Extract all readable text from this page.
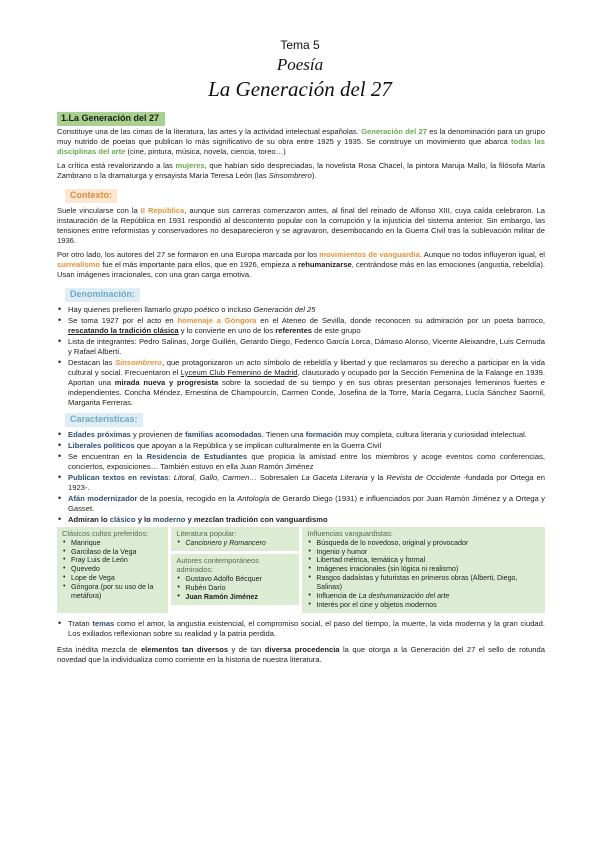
Tema 5
Poesía
La Generación del 27
1.La Generación del 27

Constituye una de las cimas de la literatura, las artes y la actividad intelectual españolas. Generación del 27 es la denominación para un grupo muy nutrido de poetas que publican lo más significativo de su obra entre 1925 y 1935. Se construye un movimiento que abarca todas las disciplinas del arte (cine, pintura, música, novela, ciencia, toreo…)

La crítica está revalorizando a las mujeres, que habían sido despreciadas, la novelista Rosa Chacel, la pintora Maruja Mallo, la filósofa María Zambrano o la dramaturga y ensayista María Teresa León (las Sinsombrero).

Contexto:

Suele vincularse con la II República, aunque sus carreras comenzaron antes, al final del reinado de Alfonso XIII, cuya caída celebraron. La instauración de la República en 1931 respondió al descontento popular con la corrupción y la injusticia del sistema anterior. Sin embargo, las tensiones entre reformistas y conservadores no desaparecieron y se agravaron, desembocando en la Guerra Civil tras la sublevación militar de 1936.

Por otro lado, los autores del 27 se formaron en una Europa marcada por los movimientos de vanguardia. Aunque no todos influyeron igual, el surrealismo fue el más importante para ellos, que en 1926, empieza a rehumanizarse, centrándose más en las emociones (angustia, rebeldía). Usan imágenes irracionales, con una gran carga emotiva.

Denominación:
• Hay quienes prefieren llamarlo grupo poético o incluso Generación del 25
• Se toma 1927 por el acto en homenaje a Góngora en el Ateneo de Sevilla, donde reconocen su admiración por un poeta barroco, rescatando la tradición clásica y lo convierte en uno de los referentes de este grupo
• Lista de integrantes: Pedro Salinas, Jorge Guillén, Gerardo Diego, Federico García Lorca, Dámaso Alonso, Vicente Aleixandre, Luis Cernuda y Rafael Alberti.
• Destacan las Sinsombrero, que protagonizaron un acto símbolo de rebeldía y libertad y que reclamaros su derecho a participar en la vida cultural y social. Frecuentaron el Lyceum Club Femenino de Madrid, clausurado y ocupado por la Sección Femenina de la Falange en 1939. Aportan una mirada nueva y progresista sobre la sociedad de su tiempo y en sus obras presentan personajes femeninos fuertes e independientes. Concha Méndez, Ernestina de Champourcín, Carmen Conde, Josefina de la Torre, María Cegarra, Lucía Sánchez Saornil, Margarita Ferreras.
Características:
• Edades próximas y provienen de familias acomodadas. Tienen una formación muy completa, cultura literaria y curiosidad intelectual.
• Liberales políticos que apoyan a la República y se implican culturalmente en la Guerra Civil
• Se encuentran en la Residencia de Estudiantes que propicia la amistad entre los miembros y acoge eventos como conferencias, conciertos, exposiciones… También estuvo en ella Juan Ramón Jiménez
• Publican textos en revistas: Litoral, Gallo, Carmen… Sobresalen La Gaceta Literaria y la Revista de Occidente -fundada por Ortega en 1923-.
• Afán modernizador de la poesía, recogido en la Antología de Gerardo Diego (1931) e influenciados por Juan Ramón Jiménez y a Ortega y Gasset.
• Admiran lo clásico y lo moderno y mezclan tradición con vanguardismo
Clásicos cultos preferidos:
• Manrique
• Garcilaso de la Vega
• Fray Luis de León
• Quevedo
• Lope de Vega
• Góngora (por su uso de la metáfora)
Literatura popular:
• Cancionero y Romancero
Autores contemporáneos admirados:
• Gustavo Adolfo Bécquer
• Rubén Darío
• Juan Ramón Jiménez
Influencias vanguardistas:
• Búsqueda de lo novedoso, original y provocador
• Ingenio y humor
• Libertad métrica, temática y formal
• Imágenes irracionales (sin lógica ni realismo)
• Rasgos dadaístas y futuristas en primeros obras (Alberti, Diego, Salinas)
• Influencia de La deshumanización del arte
• Interés por el cine y objetos modernos
• Tratan temas como el amor, la angustia existencial, el compromiso social, el paso del tiempo, la muerte, la vida moderna y la gran ciudad. Los exiliados reflexionan sobre su realidad y la patria perdida.

Esta inédita mezcla de elementos tan diversos y de tan diversa procedencia la que otorga a la Generación del 27 el sello de rotunda novedad que la individualiza como corriente en la historia de nuestra literatura.
